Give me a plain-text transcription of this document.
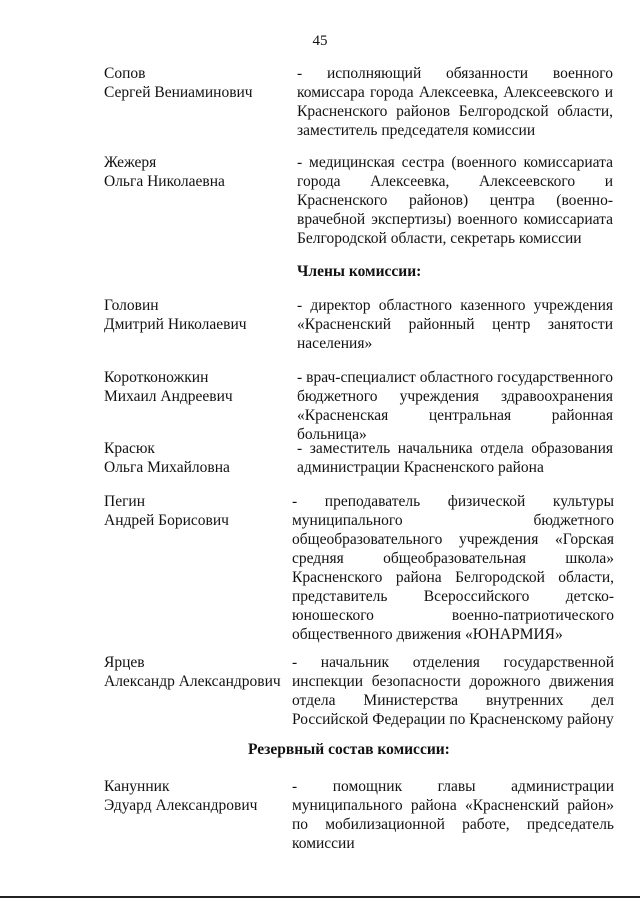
45
Сопов
Сергей Вениаминович
- исполняющий обязанности военного комиссара города Алексеевка, Алексеевского и Красненского районов Белгородской области, заместитель председателя комиссии
Жежеря
Ольга Николаевна
- медицинская сестра (военного комиссариата города Алексеевка, Алексеевского и Красненского районов) центра (военно-врачебной экспертизы) военного комиссариата Белгородской области, секретарь комиссии
Члены комиссии:
Головин
Дмитрий Николаевич
- директор областного казенного учреждения «Красненский районный центр занятости населения»
Коротконожкин
Михаил Андреевич
- врач-специалист областного государственного бюджетного учреждения здравоохранения «Красненская центральная районная больница»
Красюк
Ольга Михайловна
- заместитель начальника отдела образования администрации Красненского района
Пегин
Андрей Борисович
- преподаватель физической культуры муниципального бюджетного общеобразовательного учреждения «Горская средняя общеобразовательная школа» Красненского района Белгородской области, представитель Всероссийского детско-юношеского военно-патриотического общественного движения «ЮНАРМИЯ»
Ярцев
Александр Александрович
- начальник отделения государственной инспекции безопасности дорожного движения отдела Министерства внутренних дел Российской Федерации по Красненскому району
Резервный состав комиссии:
Канунник
Эдуард Александрович
- помощник главы администрации муниципального района «Красненский район» по мобилизационной работе, председатель комиссии
